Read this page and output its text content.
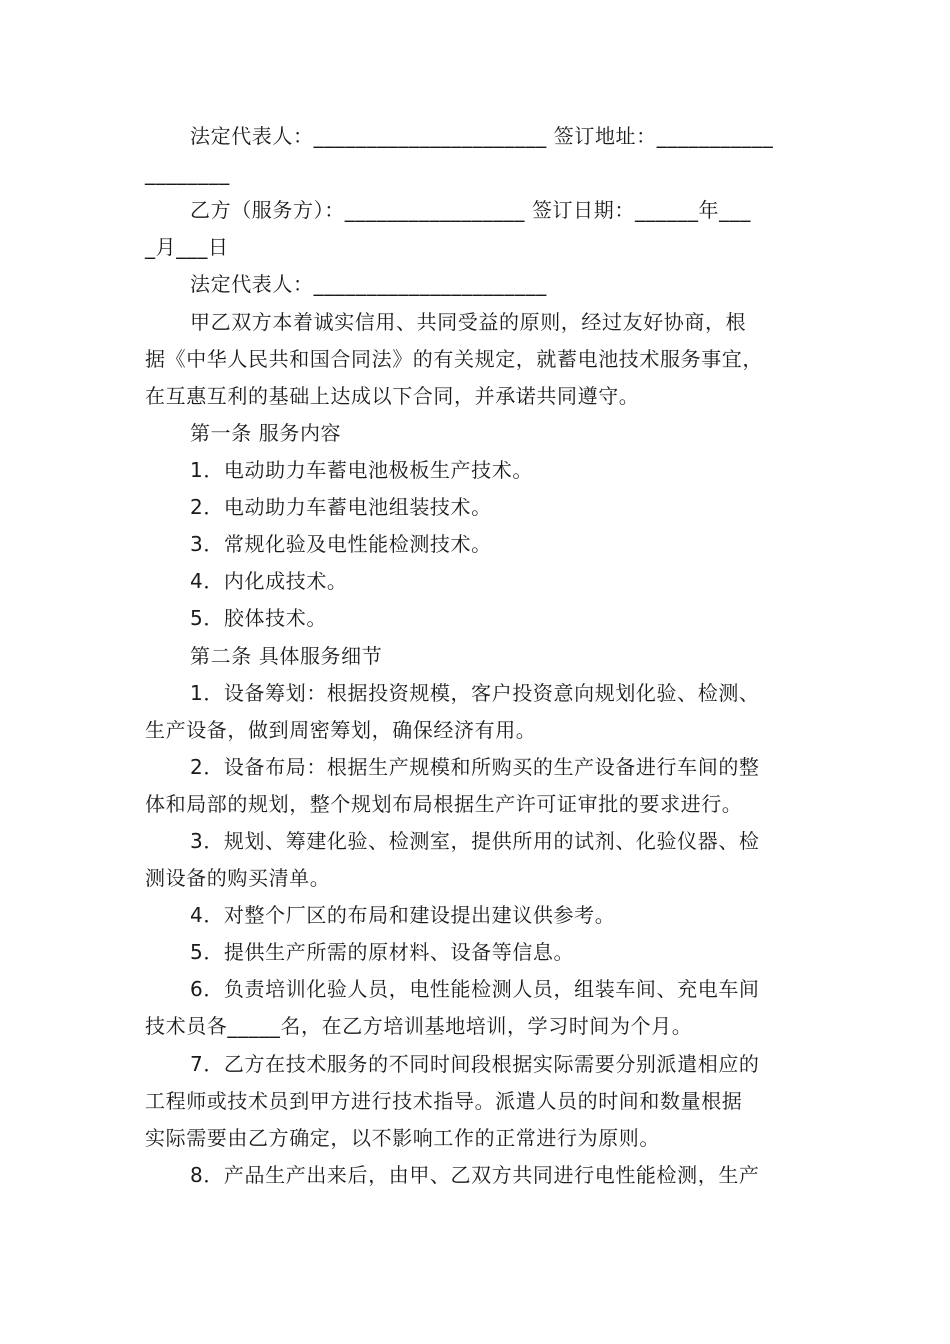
法定代表人：______________________ 签订地址：___________
________
乙方（服务方）：_________________ 签订日期：______年___
_月___日
法定代表人：______________________
甲乙双方本着诚实信用、共同受益的原则，经过友好协商，根
据《中华人民共和国合同法》的有关规定，就蓄电池技术服务事宜，
在互惠互利的基础上达成以下合同，并承诺共同遵守。
第一条 服务内容
1．电动助力车蓄电池极板生产技术。
2．电动助力车蓄电池组装技术。
3．常规化验及电性能检测技术。
4．内化成技术。
5．胶体技术。
第二条 具体服务细节
1．设备筹划：根据投资规模，客户投资意向规划化验、检测、
生产设备，做到周密筹划，确保经济有用。
2．设备布局：根据生产规模和所购买的生产设备进行车间的整
体和局部的规划，整个规划布局根据生产许可证审批的要求进行。
3．规划、筹建化验、检测室，提供所用的试剂、化验仪器、检
测设备的购买清单。
4．对整个厂区的布局和建设提出建议供参考。
5．提供生产所需的原材料、设备等信息。
6．负责培训化验人员，电性能检测人员，组装车间、充电车间
技术员各_____名，在乙方培训基地培训，学习时间为个月。
7．乙方在技术服务的不同时间段根据实际需要分别派遣相应的
工程师或技术员到甲方进行技术指导。派遣人员的时间和数量根据
实际需要由乙方确定，以不影响工作的正常进行为原则。
8．产品生产出来后，由甲、乙双方共同进行电性能检测，生产
